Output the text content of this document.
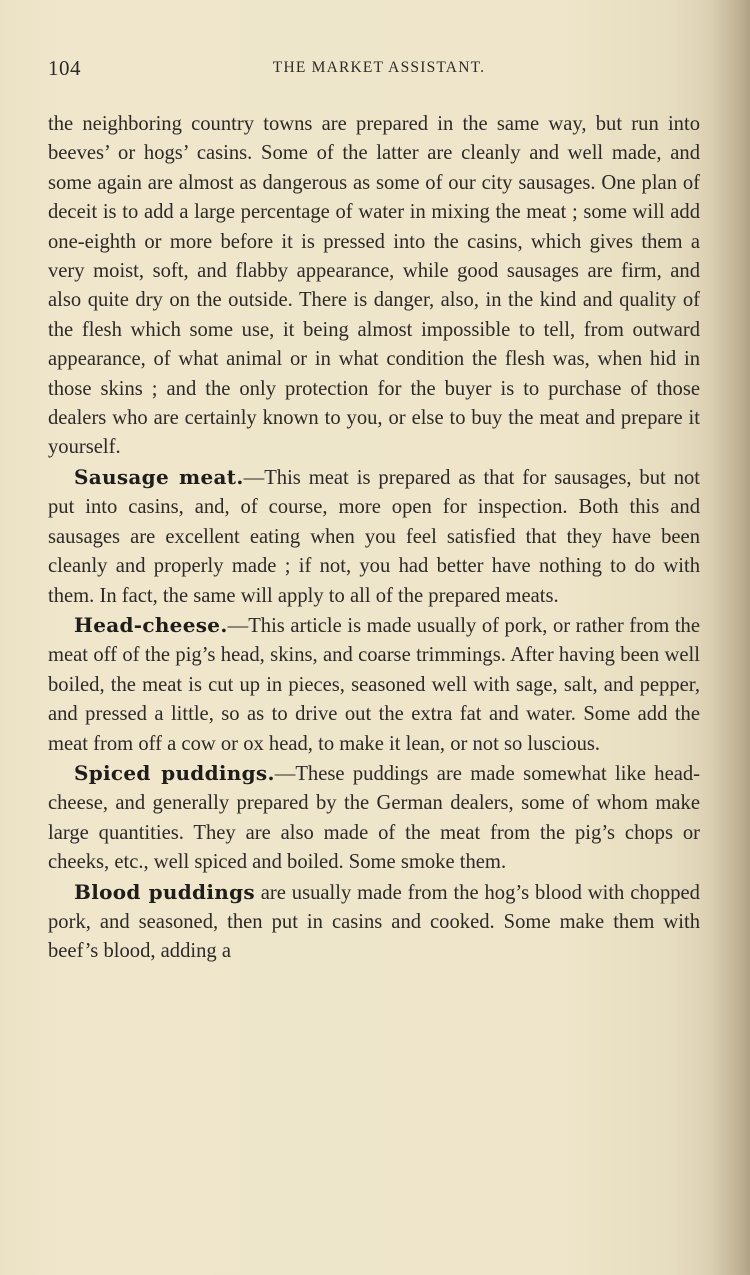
104	THE MARKET ASSISTANT.

the neighboring country towns are prepared in the same way, but run into beeves’ or hogs’ casins. Some of the latter are cleanly and well made, and some again are almost as dangerous as some of our city sausages. One plan of deceit is to add a large percentage of water in mixing the meat ; some will add one-eighth or more before it is pressed into the casins, which gives them a very moist, soft, and flabby appearance, while good sausages are firm, and also quite dry on the outside. There is danger, also, in the kind and quality of the flesh which some use, it being almost impossible to tell, from outward appearance, of what animal or in what condition the flesh was, when hid in those skins ; and the only protection for the buyer is to purchase of those dealers who are certainly known to you, or else to buy the meat and prepare it yourself.

Sausage meat.—This meat is prepared as that for sausages, but not put into casins, and, of course, more open for inspection. Both this and sausages are excellent eating when you feel satisfied that they have been cleanly and properly made ; if not, you had better have nothing to do with them. In fact, the same will apply to all of the prepared meats.

Head-cheese.—This article is made usually of pork, or rather from the meat off of the pig’s head, skins, and coarse trimmings. After having been well boiled, the meat is cut up in pieces, seasoned well with sage, salt, and pepper, and pressed a little, so as to drive out the extra fat and water. Some add the meat from off a cow or ox head, to make it lean, or not so luscious.

Spiced puddings.—These puddings are made somewhat like head-cheese, and generally prepared by the German dealers, some of whom make large quantities. They are also made of the meat from the pig’s chops or cheeks, etc., well spiced and boiled. Some smoke them.

Blood puddings are usually made from the hog’s blood with chopped pork, and seasoned, then put in casins and cooked. Some make them with beef’s blood, adding a
